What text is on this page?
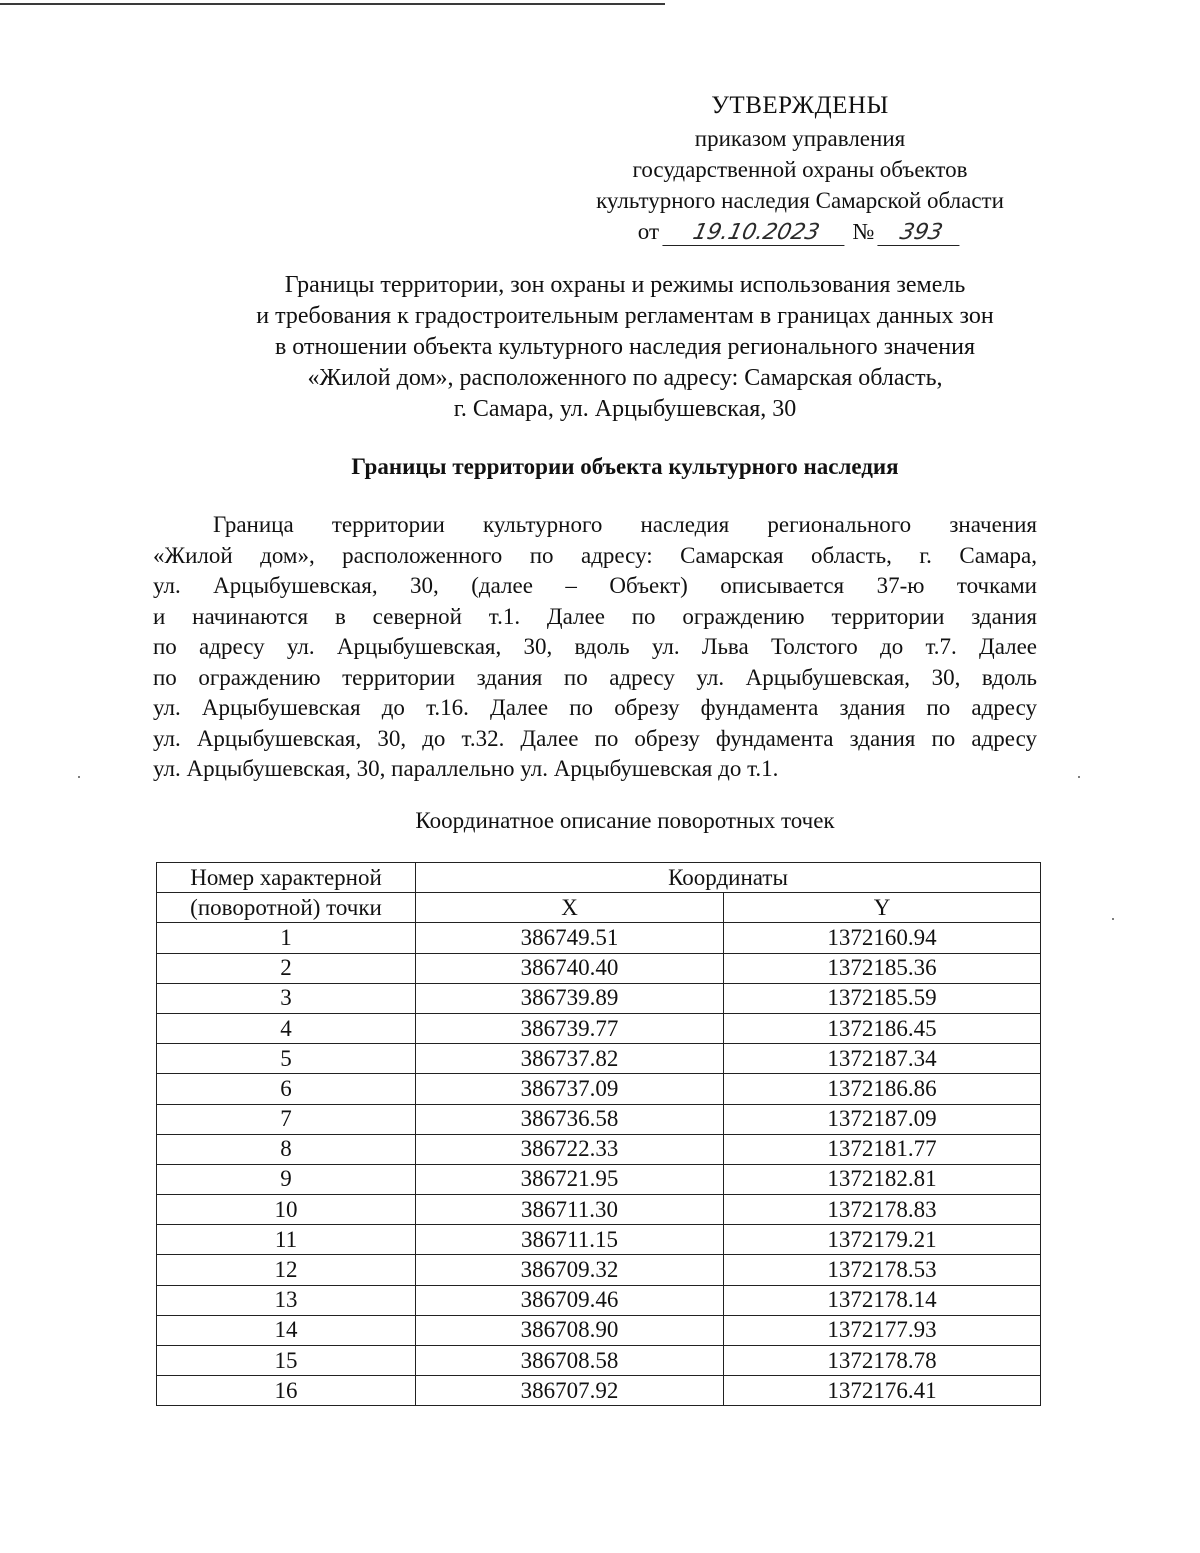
УТВЕРЖДЕНЫ
приказом управления
государственной охраны объектов
культурного наследия Самарской области
от 19.10.2023 № 393
Границы территории, зон охраны и режимы использования земель
и требования к градостроительным регламентам в границах данных зон
в отношении объекта культурного наследия регионального значения
«Жилой дом», расположенного по адресу: Самарская область,
г. Самара, ул. Арцыбушевская, 30
Границы территории объекта культурного наследия
Граница территории культурного наследия регионального значения
«Жилой дом», расположенного по адресу: Самарская область, г. Самара,
ул. Арцыбушевская, 30, (далее – Объект) описывается 37-ю точками
и начинаются в северной т.1. Далее по ограждению территории здания
по адресу ул. Арцыбушевская, 30, вдоль ул. Льва Толстого до т.7. Далее
по ограждению территории здания по адресу ул. Арцыбушевская, 30, вдоль
ул. Арцыбушевская до т.16. Далее по обрезу фундамента здания по адресу
ул. Арцыбушевская, 30, до т.32. Далее по обрезу фундамента здания по адресу
ул. Арцыбушевская, 30, параллельно ул. Арцыбушевская до т.1.
Координатное описание поворотных точек
Номер характерной	Координаты	
(поворотной) точки	X	Y
1	386749.51	1372160.94
2	386740.40	1372185.36
3	386739.89	1372185.59
4	386739.77	1372186.45
5	386737.82	1372187.34
6	386737.09	1372186.86
7	386736.58	1372187.09
8	386722.33	1372181.77
9	386721.95	1372182.81
10	386711.30	1372178.83
11	386711.15	1372179.21
12	386709.32	1372178.53
13	386709.46	1372178.14
14	386708.90	1372177.93
15	386708.58	1372178.78
16	386707.92	1372176.41
